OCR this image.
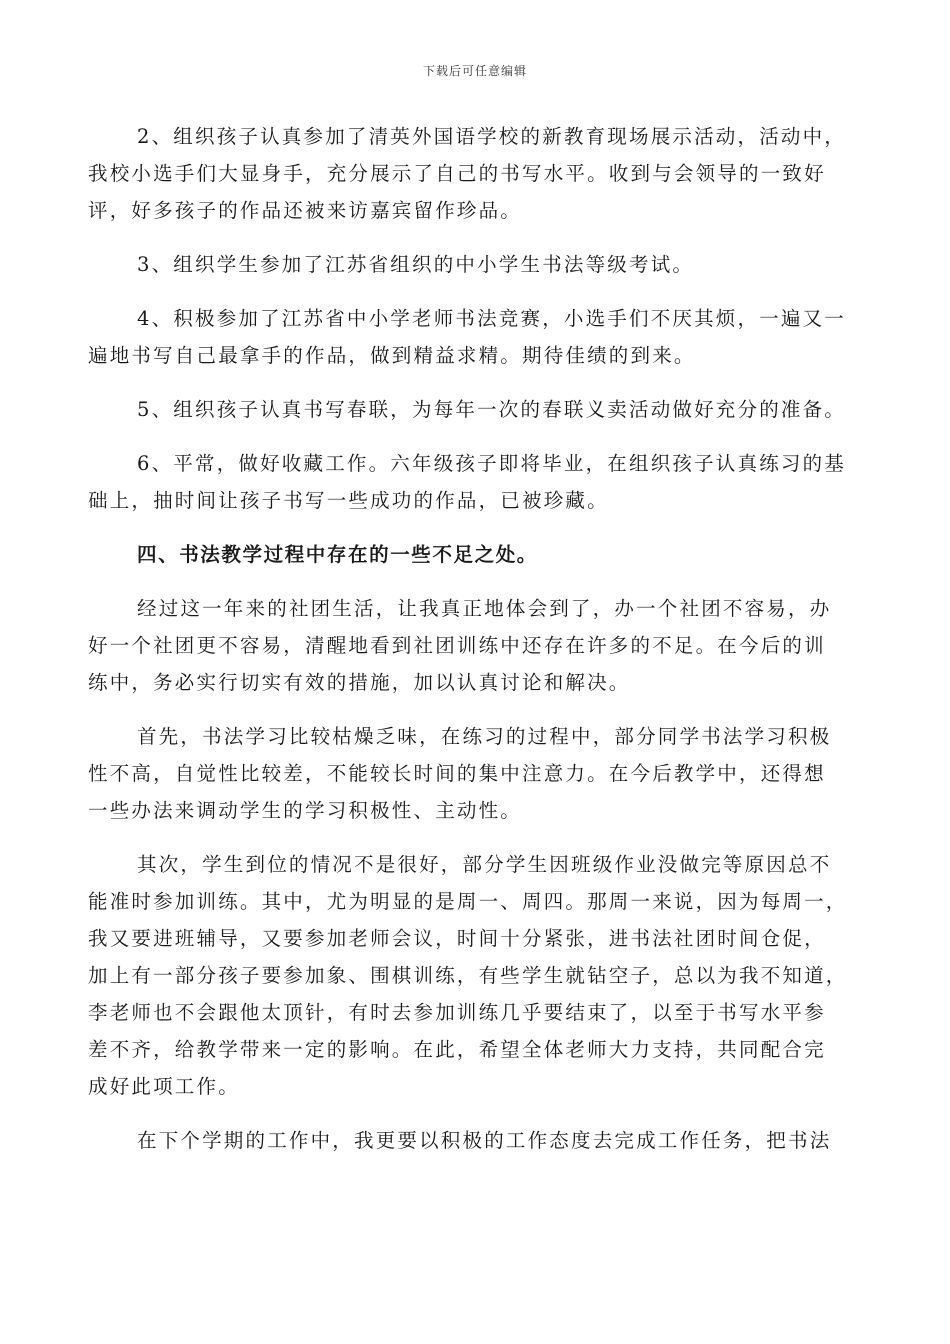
下载后可任意编辑
2、组织孩子认真参加了清英外国语学校的新教育现场展示活动，活动中，
我校小选手们大显身手，充分展示了自己的书写水平。收到与会领导的一致好
评，好多孩子的作品还被来访嘉宾留作珍品。
3、组织学生参加了江苏省组织的中小学生书法等级考试。
4、积极参加了江苏省中小学老师书法竞赛，小选手们不厌其烦，一遍又一
遍地书写自己最拿手的作品，做到精益求精。期待佳绩的到来。
5、组织孩子认真书写春联，为每年一次的春联义卖活动做好充分的准备。
6、平常，做好收藏工作。六年级孩子即将毕业，在组织孩子认真练习的基
础上，抽时间让孩子书写一些成功的作品，已被珍藏。
四、书法教学过程中存在的一些不足之处。
经过这一年来的社团生活，让我真正地体会到了，办一个社团不容易，办
好一个社团更不容易，清醒地看到社团训练中还存在许多的不足。在今后的训
练中，务必实行切实有效的措施，加以认真讨论和解决。
首先，书法学习比较枯燥乏味，在练习的过程中，部分同学书法学习积极
性不高，自觉性比较差，不能较长时间的集中注意力。在今后教学中，还得想
一些办法来调动学生的学习积极性、主动性。
其次，学生到位的情况不是很好，部分学生因班级作业没做完等原因总不
能准时参加训练。其中，尤为明显的是周一、周四。那周一来说，因为每周一，
我又要进班辅导，又要参加老师会议，时间十分紧张，进书法社团时间仓促，
加上有一部分孩子要参加象、围棋训练，有些学生就钻空子，总以为我不知道，
李老师也不会跟他太顶针，有时去参加训练几乎要结束了，以至于书写水平参
差不齐，给教学带来一定的影响。在此，希望全体老师大力支持，共同配合完
成好此项工作。
在下个学期的工作中，我更要以积极的工作态度去完成工作任务，把书法
